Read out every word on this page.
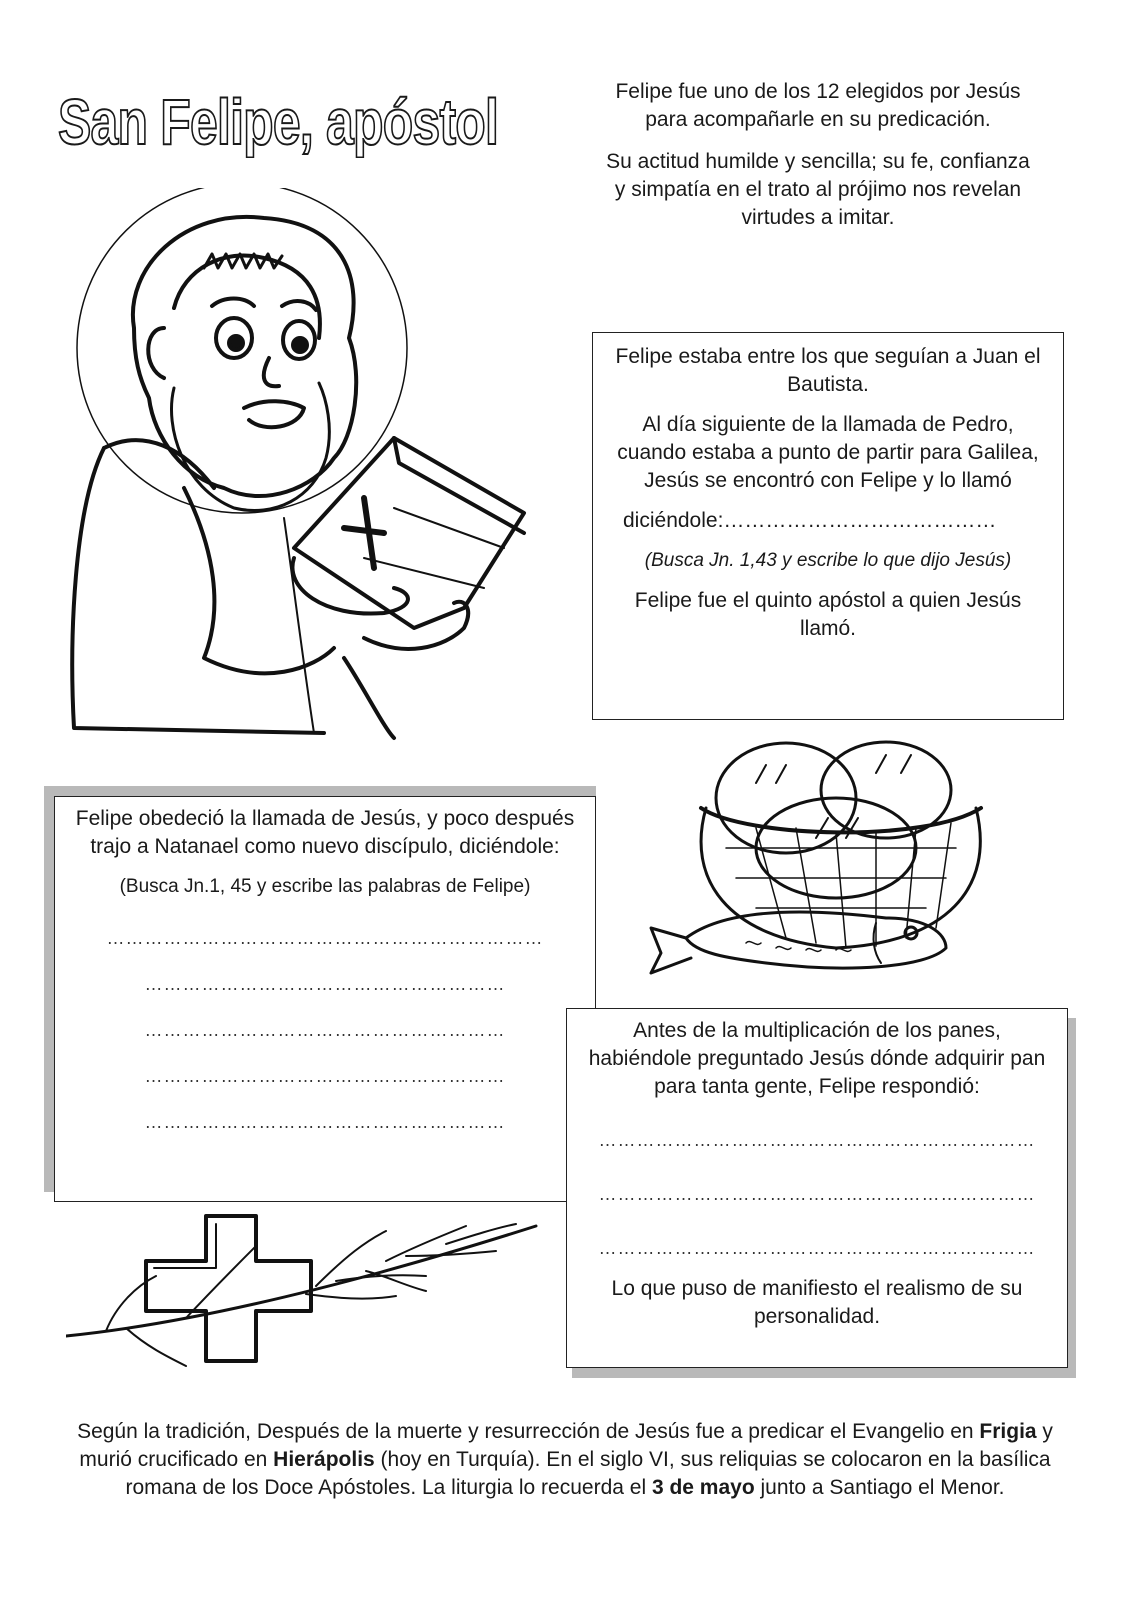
San Felipe, apóstol	Felipe fue uno de los 12 elegidos por Jesús para acompañarle en su predicación.

Su actitud humilde y sencilla; su fe, confianza y simpatía en el trato al prójimo nos revelan virtudes a imitar.

Felipe estaba entre los que seguían a Juan el Bautista.

Al día siguiente de la llamada de Pedro, cuando estaba a punto de partir para Galilea, Jesús se encontró con Felipe y lo llamó

diciéndole:…………………………………

(Busca Jn. 1,43 y escribe lo que dijo Jesús)

Felipe fue el quinto apóstol a quien Jesús llamó.

Felipe obedeció la llamada de Jesús, y poco después trajo a Natanael como nuevo discípulo, diciéndole:

(Busca Jn.1, 45 y escribe las palabras de Felipe)

……………………………………………………………
…………………………………………………
…………………………………………………
…………………………………………………
…………………………………………………

Antes de la multiplicación de los panes, habiéndole preguntado Jesús dónde adquirir pan para tanta gente, Felipe respondió:

……………………………………………………………
……………………………………………………………
……………………………………………………………

Lo que puso de manifiesto el realismo de su personalidad.

Según la tradición, Después de la muerte y resurrección de Jesús fue a predicar el Evangelio en Frigia y murió crucificado en Hierápolis (hoy en Turquía). En el siglo VI, sus reliquias se colocaron en la basílica romana de los Doce Apóstoles. La liturgia lo recuerda el 3 de mayo junto a Santiago el Menor.
